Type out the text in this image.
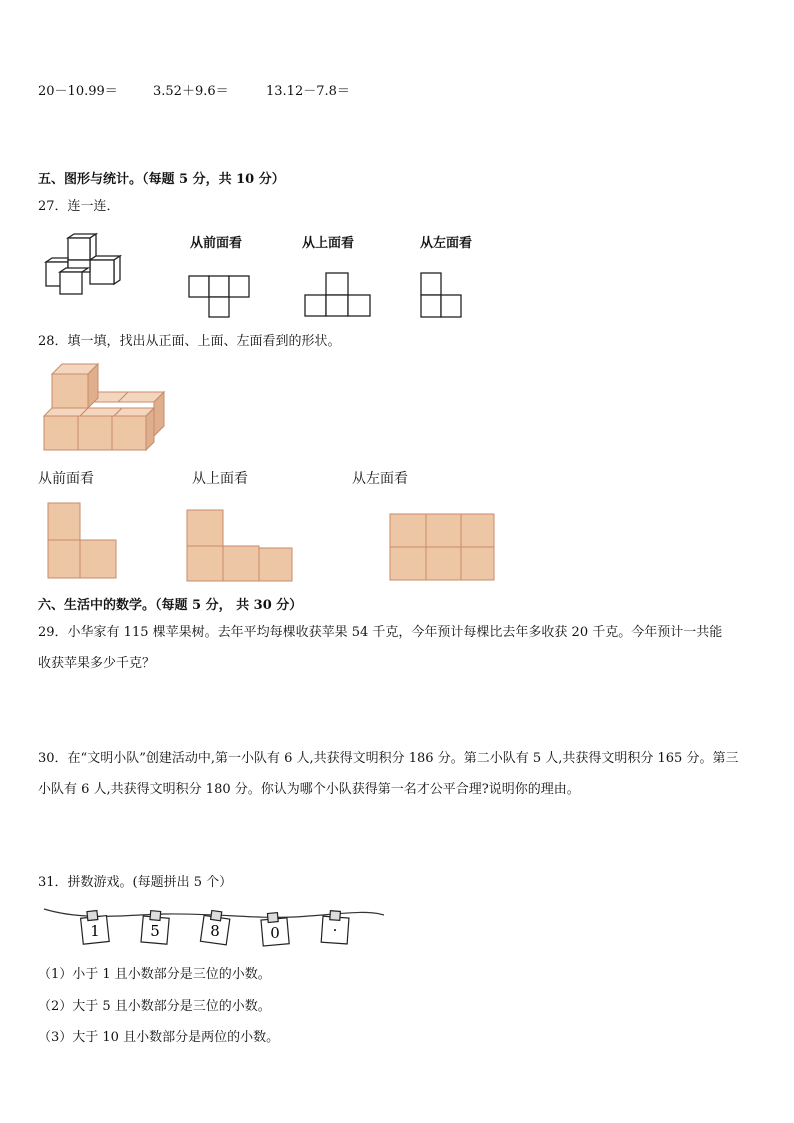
20－10.99＝	3.52＋9.6＝	13.12－7.8＝
五、图形与统计。（每题 5 分，共 10 分）
27．连一连．
从前面看	从上面看	从左面看
28．填一填，找出从正面、上面、左面看到的形状。
从前面看	从上面看	从左面看
六、生活中的数学。（每题 5 分， 共 30 分）
29．小华家有 115 棵苹果树。去年平均每棵收获苹果 54 千克，今年预计每棵比去年多收获 20 千克。今年预计一共能
收获苹果多少千克？
30．在“文明小队”创建活动中,第一小队有 6 人,共获得文明积分 186 分。第二小队有 5 人,共获得文明积分 165 分。第三
小队有 6 人,共获得文明积分 180 分。你认为哪个小队获得第一名才公平合理?说明你的理由。
31．拼数游戏。(每题拼出 5 个）
1	5	8	0	·
（1）小于 1 且小数部分是三位的小数。
（2）大于 5 且小数部分是三位的小数。
（3）大于 10 且小数部分是两位的小数。
